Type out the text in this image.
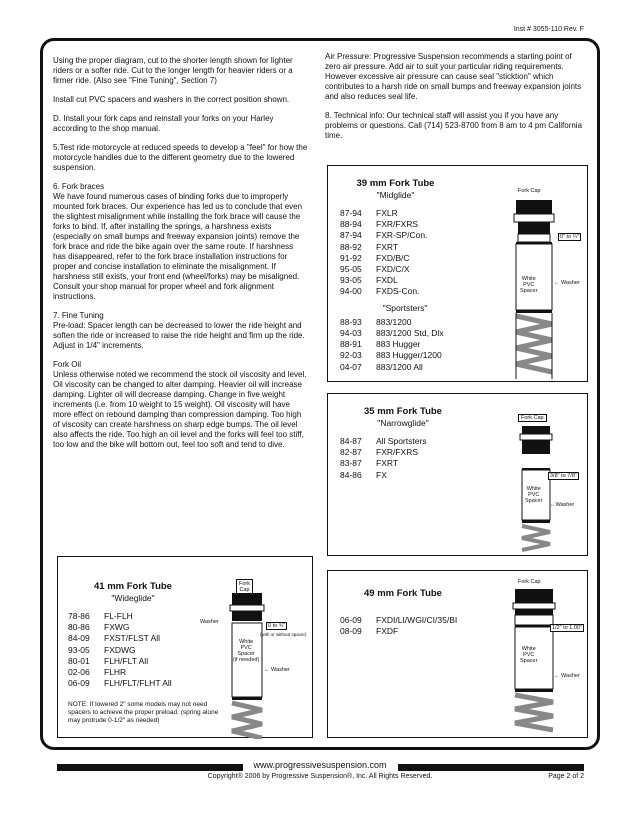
Inst # 3055-110 Rev. F

Using the proper diagram, cut to the shorter length shown for lighter riders or a softer ride. Cut to the longer length for heavier riders or a firmer ride. (Also see "Fine Tuning", Section 7)

Install cut PVC spacers and washers in the correct position shown.

D. Install your fork caps and reinstall your forks on your Harley according to the shop manual.

5.Test ride motorcycle at reduced speeds to develop a "feel" for how the motorcycle handles due to the different geometry due to the lowered suspension.

6. Fork braces
We have found numerous cases of binding forks due to improperly mounted fork braces. Our experience has led us to conclude that even the slightest misalignment while installing the fork brace will cause the forks to bind. If, after installing the springs, a harshness exists (especially on small bumps and freeway expansion joints) remove the fork brace and ride the bike again over the same route. If harshness has disappeared, refer to the fork brace installation instructions for proper and concise installation to eliminate the misalignment. If harshness still exists, your front end (wheel/forks) may be misaligned. Consult your shop manual for proper wheel and fork alignment instructions.

7. Fine Tuning
Pre-load: Spacer length can be decreased to lower the ride height and soften the ride or increased to raise the ride height and firm up the ride. Adjust in 1/4" increments.

Fork Oil
Unless otherwise noted we recommend the stock oil viscosity and level. Oil viscosity can be changed to alter damping. Heavier oil will increase damping. Lighter oil will decrease damping. Change in five weight increments (i.e. from 10 weight to 15 weight). Oil viscosity will have more effect on rebound damping than compression damping. Too high of viscosity can create harshness on sharp edge bumps. The oil level also affects the ride. Too high an oil level and the forks will feel too stiff, too low and the bike will bottom out, feel too soft and tend to dive.

Air Pressure: Progressive Suspension recommends a starting point of zero air pressure. Add air to suit your particular riding requirements. However excessive air pressure can cause seal "sticktion" which contributes to a harsh ride on small bumps and freeway expansion joints and also reduces seal life.

8. Technical info: Our technical staff will assist you if you have any problems or questions. Call (714) 523-8700 from 8 am to 4 pm California time.

39 mm Fork Tube
"Midglide"
87-94	FXLR
88-94	FXR/FXRS
87-94	FXR-SP/Con.
88-92	FXRT
91-92	FXD/B/C
95-05	FXD/C/X
93-05	FXDL
94-00	FXDS-Con.
"Sportsters"
88-93	883/1200
94-03	883/1200 Std, Dlx
88-91	883 Hugger
92-03	883 Hugger/1200
04-07	883/1200 All
Fork Cap
0" to ¼"
White
PVC
Spacer
← Washer
35 mm Fork Tube
"Narrowglide"
84-87	All Sportsters
82-87	FXR/FXRS
83-87	FXRT
84-86	FX
Fork Cap
3/8" to 7/8"
White
PVC
Spacer
←Washer
41 mm Fork Tube
"Wideglide"
78-86	FL-FLH
80-86	FXWG
84-09	FXST/FLST All
93-05	FXDWG
80-01	FLH/FLT All
02-06	FLHR
06-09	FLH/FLT/FLHT All
NOTE: If lowered 2" some models may not need spacers to achieve the proper preload. (spring alone may protrude 0-1/2" as needed)
Fork
Cap
Washer
0 to ¾"
(with or without spacer)
White
PVC
Spacer
(if needed)
← Washer
49 mm Fork Tube
06-09	FXDI/LI/WGI/CI/35/BI
08-09	FXDF
Fork Cap
1/2" to 1.00"
White
PVC
Spacer
← Washer
www.progressivesuspension.com
Copyright® 2006 by Progressive Suspension®, Inc. All Rights Reserved.	Page 2 of 2
